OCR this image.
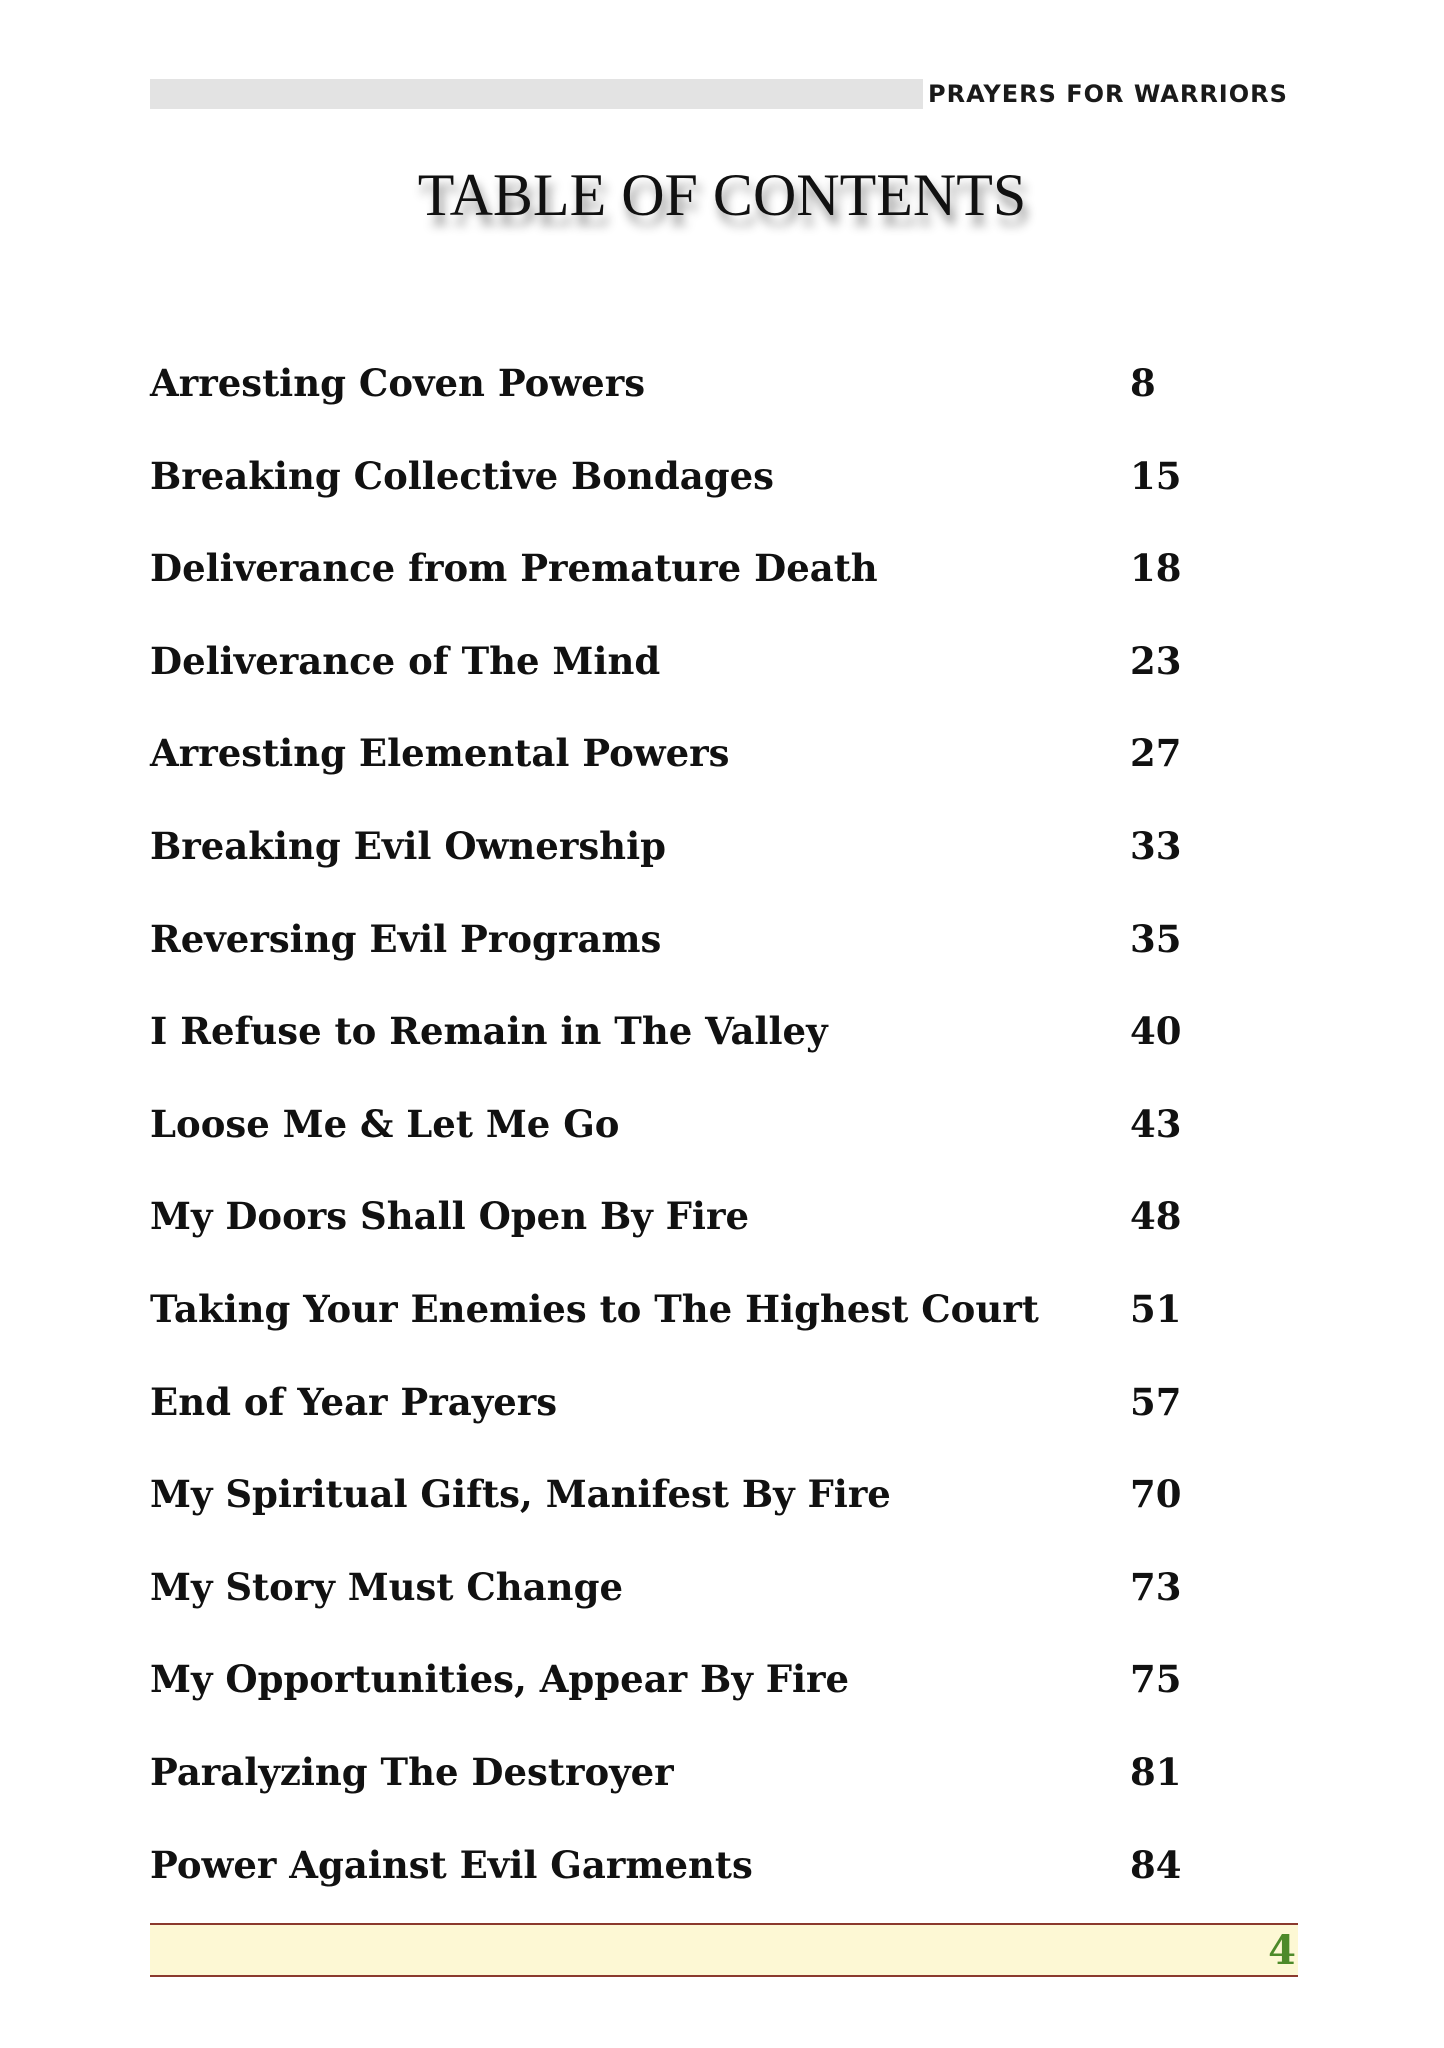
PRAYERS FOR WARRIORS
TABLE OF CONTENTS
Arresting Coven Powers	8
Breaking Collective Bondages	15
Deliverance from Premature Death	18
Deliverance of The Mind	23
Arresting Elemental Powers	27
Breaking Evil Ownership	33
Reversing Evil Programs	35
I Refuse to Remain in The Valley	40
Loose Me & Let Me Go	43
My Doors Shall Open By Fire	48
Taking Your Enemies to The Highest Court 51
End of Year Prayers	57
My Spiritual Gifts, Manifest By Fire	70
My Story Must Change	73
My Opportunities, Appear By Fire	75
Paralyzing The Destroyer	81
Power Against Evil Garments	84
4
